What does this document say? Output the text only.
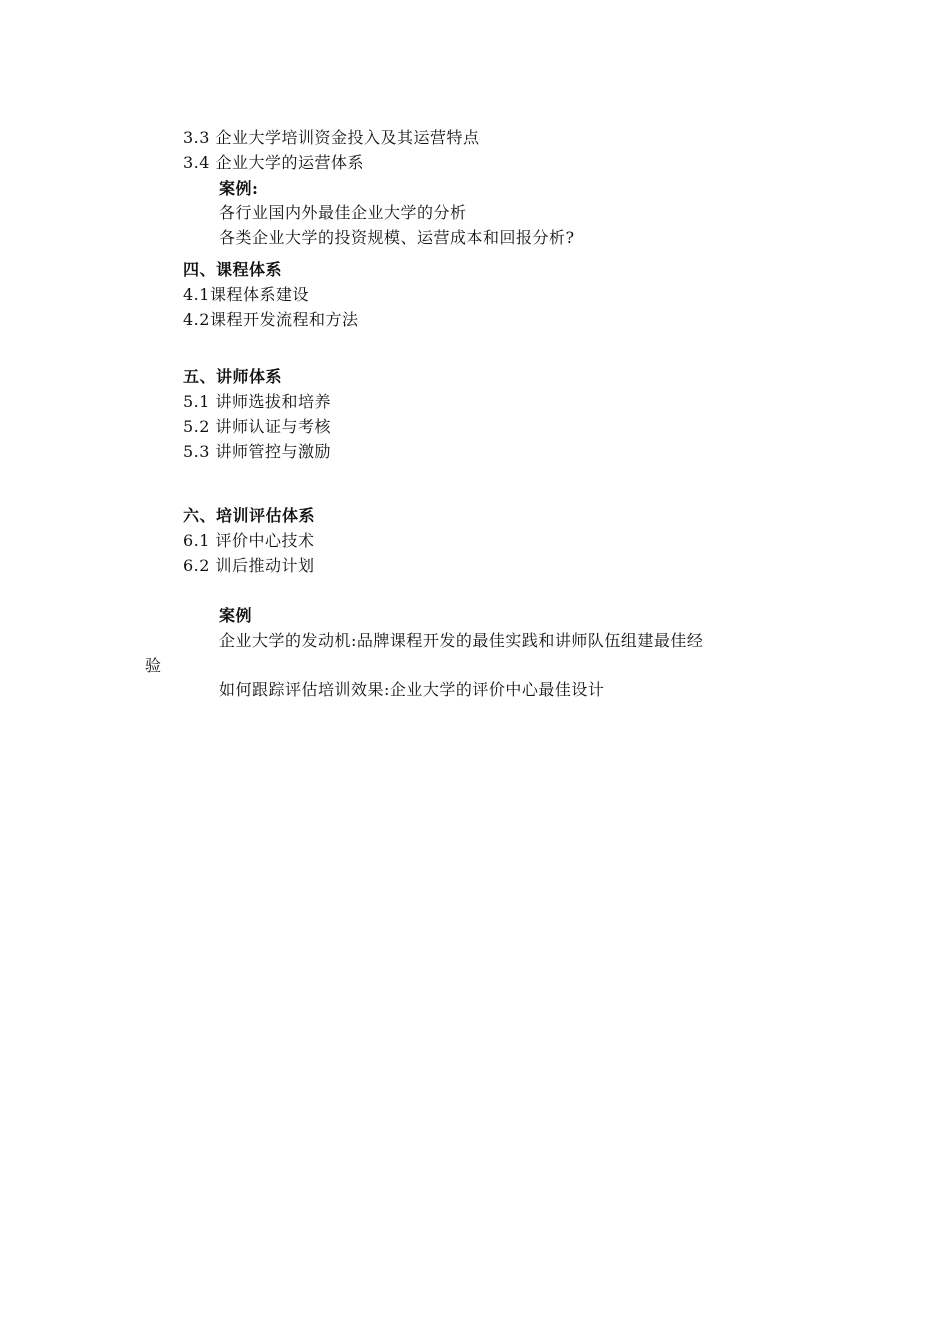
3.3 企业大学培训资金投入及其运营特点
3.4 企业大学的运营体系
案例:
各行业国内外最佳企业大学的分析
各类企业大学的投资规模、运营成本和回报分析?
四、课程体系
4.1课程体系建设
4.2课程开发流程和方法
五、讲师体系
5.1 讲师选拔和培养
5.2 讲师认证与考核
5.3 讲师管控与激励
六、培训评估体系
6.1 评价中心技术
6.2 训后推动计划
案例
企业大学的发动机:品牌课程开发的最佳实践和讲师队伍组建最佳经
验
如何跟踪评估培训效果:企业大学的评价中心最佳设计
